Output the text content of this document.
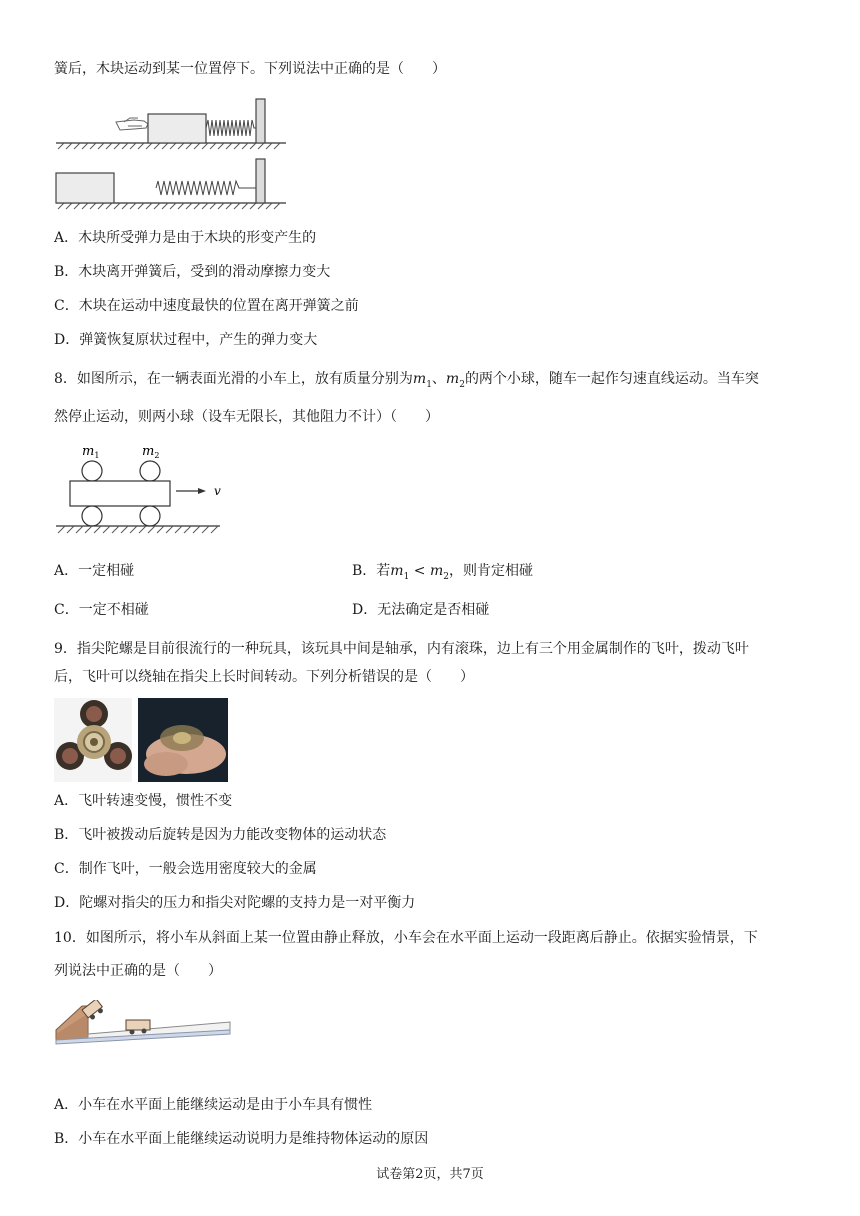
簧后，木块运动到某一位置停下。下列说法中正确的是（　　）
A．木块所受弹力是由于木块的形变产生的
B．木块离开弹簧后，受到的滑动摩擦力变大
C．木块在运动中速度最快的位置在离开弹簧之前
D．弹簧恢复原状过程中，产生的弹力变大
8．如图所示，在一辆表面光滑的小车上，放有质量分别为$m_1$、$m_2$的两个小球，随车一起作匀速直线运动。当车突
然停止运动，则两小球（设车无限长，其他阻力不计）（　　）
$m_1$	$m_2$
v
A．一定相碰	B．若$m_1 < m_2$，则肯定相碰
C．一定不相碰	D．无法确定是否相碰
9．指尖陀螺是目前很流行的一种玩具，该玩具中间是轴承，内有滚珠，边上有三个用金属制作的飞叶，拨动飞叶
后，飞叶可以绕轴在指尖上长时间转动。下列分析错误的是（　　）
A．飞叶转速变慢，惯性不变
B．飞叶被拨动后旋转是因为力能改变物体的运动状态
C．制作飞叶，一般会选用密度较大的金属
D．陀螺对指尖的压力和指尖对陀螺的支持力是一对平衡力
10．如图所示，将小车从斜面上某一位置由静止释放，小车会在水平面上运动一段距离后静止。依据实验情景，下
列说法中正确的是（　　）
A．小车在水平面上能继续运动是由于小车具有惯性
B．小车在水平面上能继续运动说明力是维持物体运动的原因
试卷第2页，共7页
